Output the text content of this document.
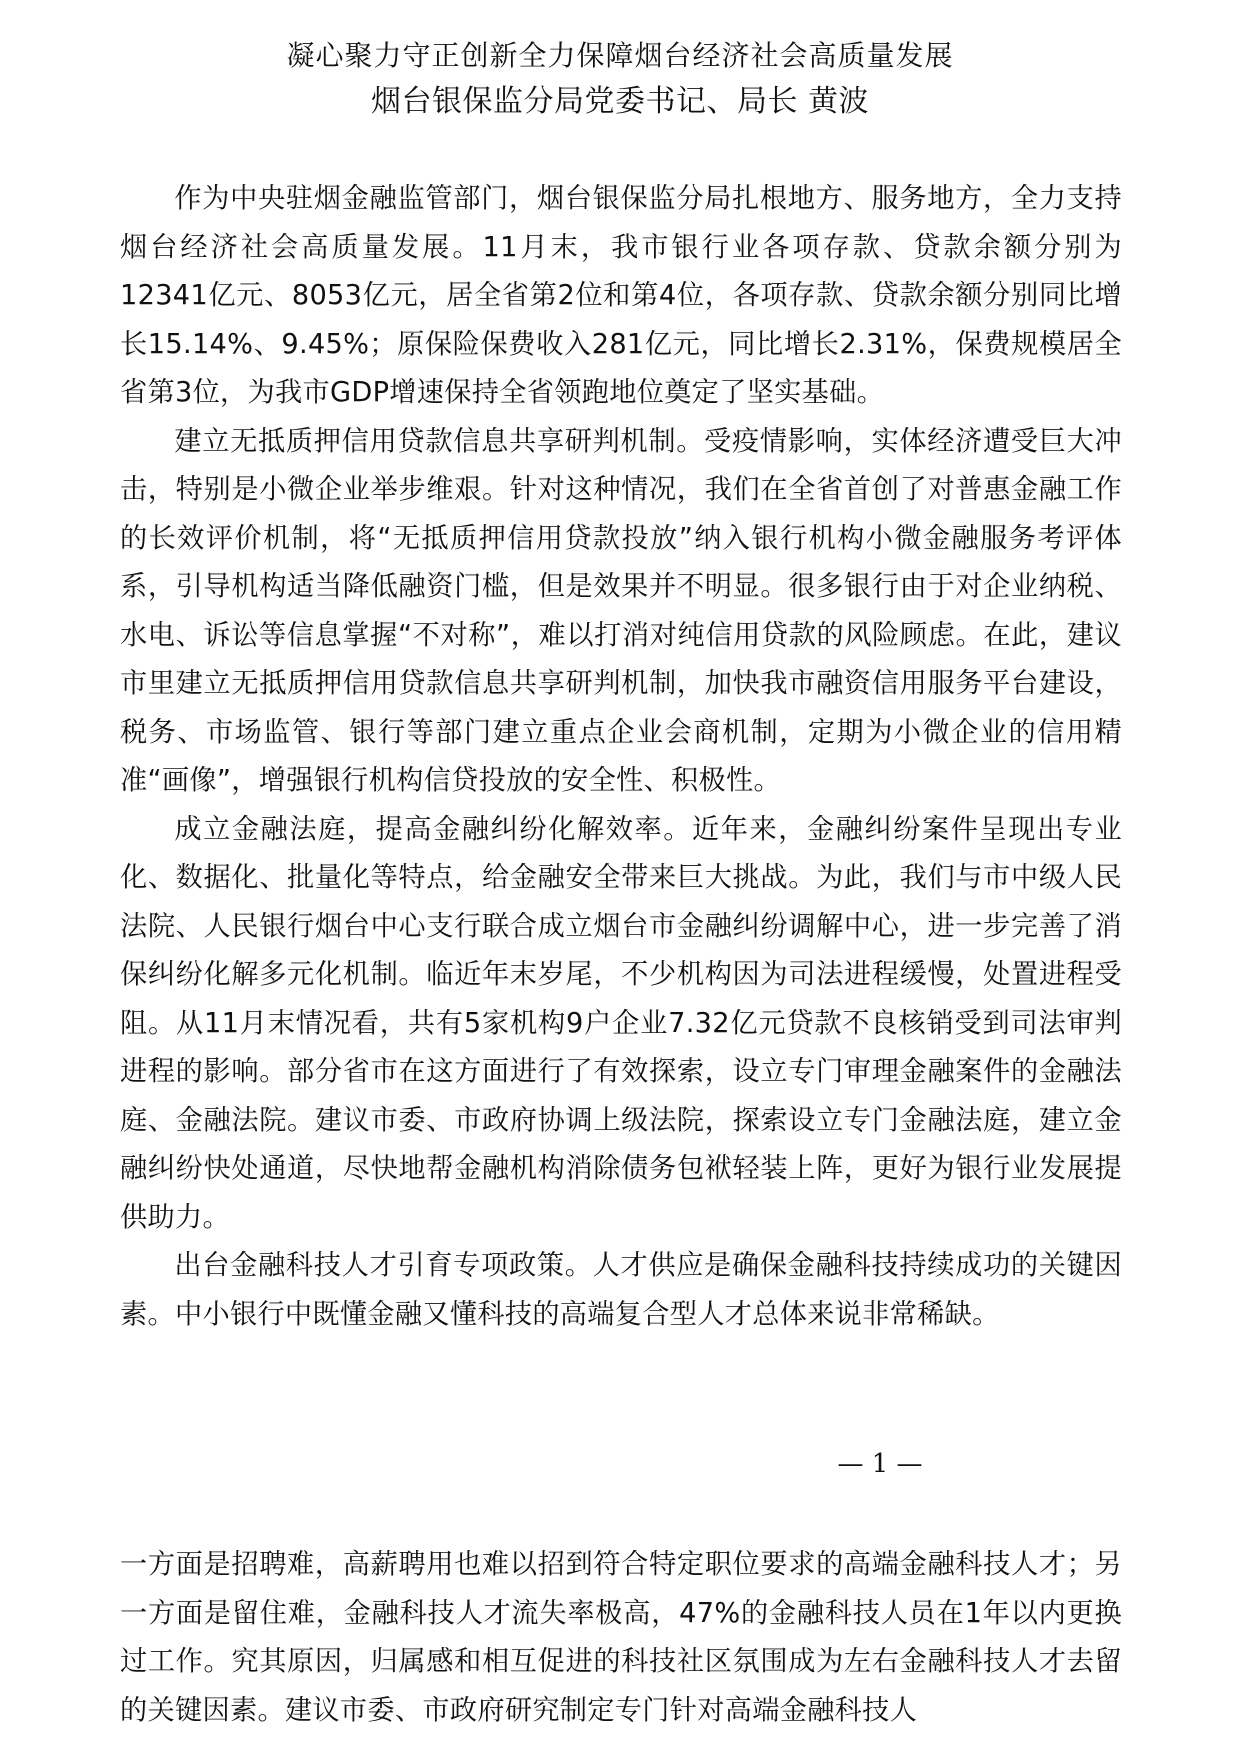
凝心聚力守正创新全力保障烟台经济社会高质量发展
烟台银保监分局党委书记、局长 黄波

作为中央驻烟金融监管部门，烟台银保监分局扎根地方、服务地方，全力支持烟台经济社会高质量发展。11月末，我市银行业各项存款、贷款余额分别为12341亿元、8053亿元，居全省第2位和第4位，各项存款、贷款余额分别同比增长15.14%、9.45%；原保险保费收入281亿元，同比增长2.31%，保费规模居全省第3位，为我市GDP增速保持全省领跑地位奠定了坚实基础。

建立无抵质押信用贷款信息共享研判机制。受疫情影响，实体经济遭受巨大冲击，特别是小微企业举步维艰。针对这种情况，我们在全省首创了对普惠金融工作的长效评价机制，将“无抵质押信用贷款投放”纳入银行机构小微金融服务考评体系，引导机构适当降低融资门槛，但是效果并不明显。很多银行由于对企业纳税、水电、诉讼等信息掌握“不对称”，难以打消对纯信用贷款的风险顾虑。在此，建议市里建立无抵质押信用贷款信息共享研判机制，加快我市融资信用服务平台建设，税务、市场监管、银行等部门建立重点企业会商机制，定期为小微企业的信用精准“画像”，增强银行机构信贷投放的安全性、积极性。

成立金融法庭，提高金融纠纷化解效率。近年来，金融纠纷案件呈现出专业化、数据化、批量化等特点，给金融安全带来巨大挑战。为此，我们与市中级人民法院、人民银行烟台中心支行联合成立烟台市金融纠纷调解中心，进一步完善了消保纠纷化解多元化机制。临近年末岁尾，不少机构因为司法进程缓慢，处置进程受阻。从11月末情况看，共有5家机构9户企业7.32亿元贷款不良核销受到司法审判进程的影响。部分省市在这方面进行了有效探索，设立专门审理金融案件的金融法庭、金融法院。建议市委、市政府协调上级法院，探索设立专门金融法庭，建立金融纠纷快处通道，尽快地帮金融机构消除债务包袱轻装上阵，更好为银行业发展提供助力。

出台金融科技人才引育专项政策。人才供应是确保金融科技持续成功的关键因素。中小银行中既懂金融又懂科技的高端复合型人才总体来说非常稀缺。

— 1 —

一方面是招聘难，高薪聘用也难以招到符合特定职位要求的高端金融科技人才；另一方面是留住难，金融科技人才流失率极高，47%的金融科技人员在1年以内更换过工作。究其原因，归属感和相互促进的科技社区氛围成为左右金融科技人才去留的关键因素。建议市委、市政府研究制定专门针对高端金融科技人
